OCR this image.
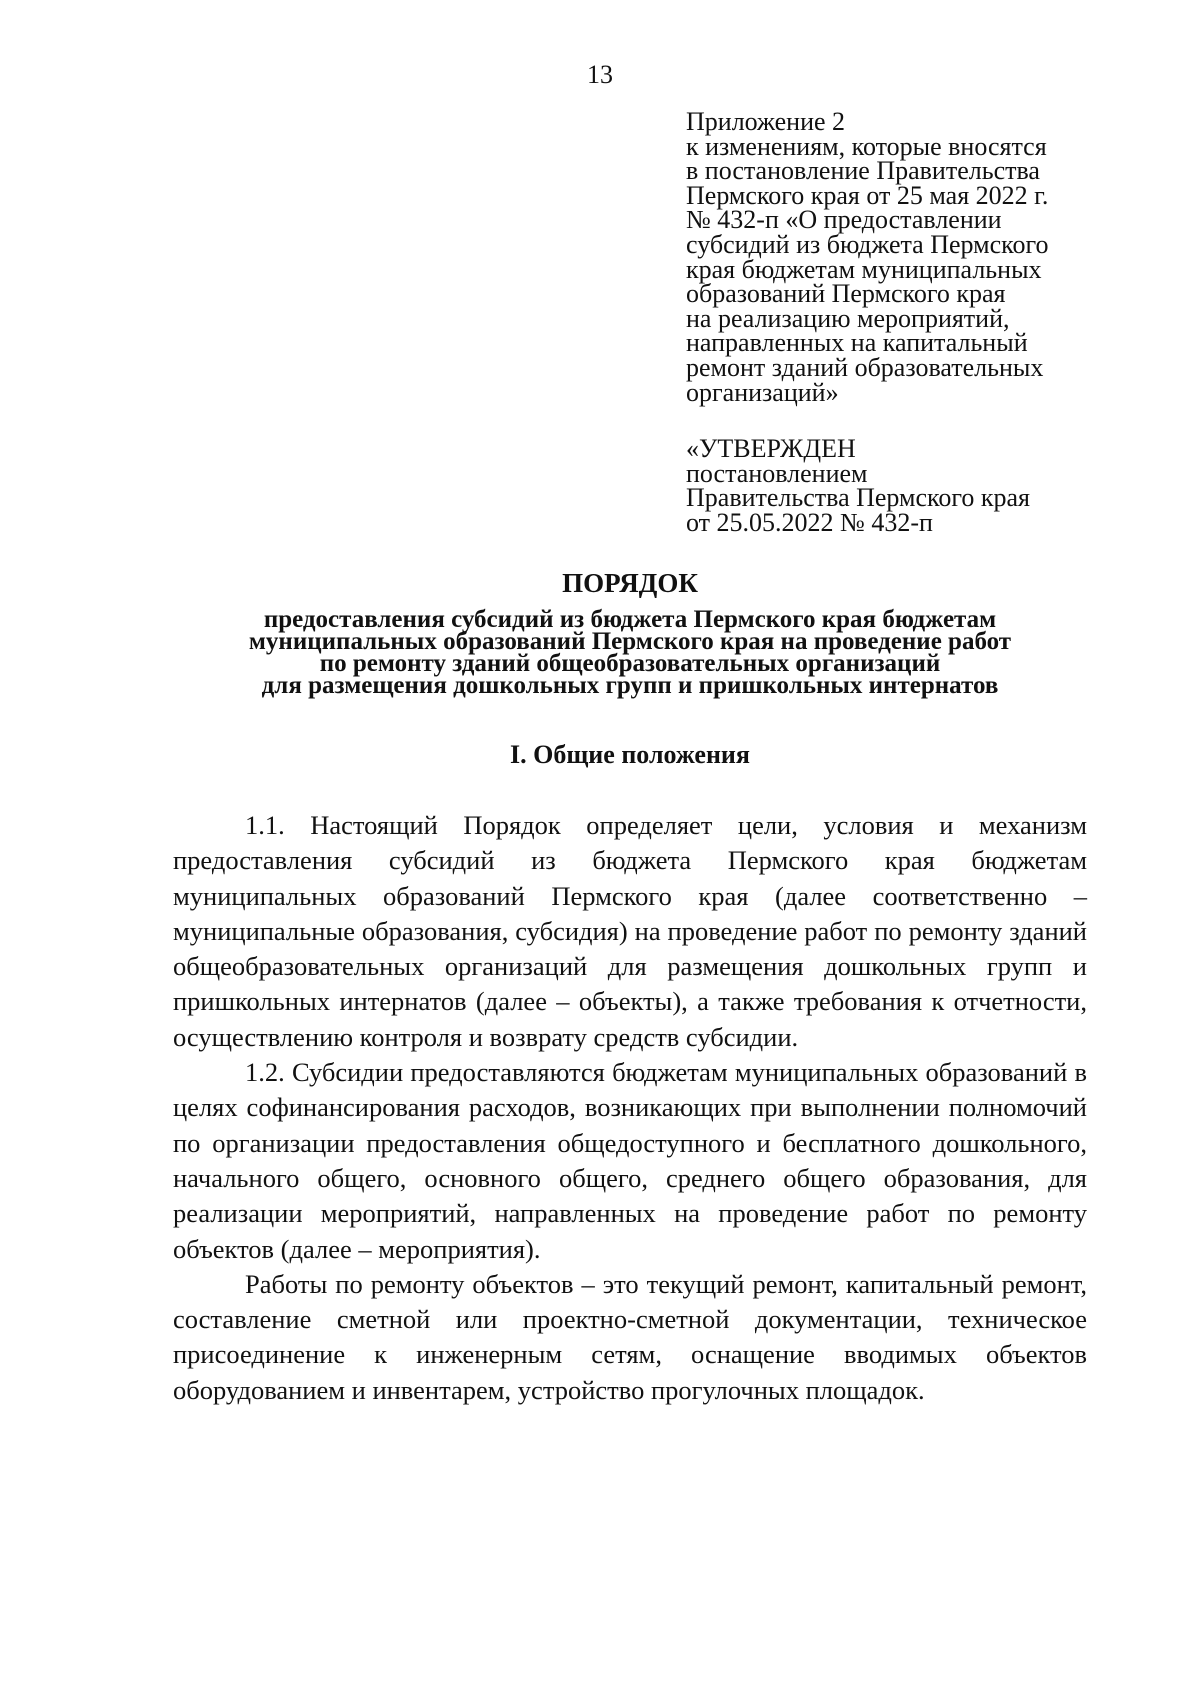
13
Приложение 2
к изменениям, которые вносятся
в постановление Правительства
Пермского края от 25 мая 2022 г.
№ 432-п «О предоставлении
субсидий из бюджета Пермского
края бюджетам муниципальных
образований Пермского края
на реализацию мероприятий,
направленных на капитальный
ремонт зданий образовательных
организаций»
«УТВЕРЖДЕН
постановлением
Правительства Пермского края
от 25.05.2022 № 432-п
ПОРЯДОК
предоставления субсидий из бюджета Пермского края бюджетам
муниципальных образований Пермского края на проведение работ
по ремонту зданий общеобразовательных организаций
для размещения дошкольных групп и пришкольных интернатов
I. Общие положения

1.1. Настоящий Порядок определяет цели, условия и механизм предоставления субсидий из бюджета Пермского края бюджетам муниципальных образований Пермского края (далее соответственно – муниципальные образования, субсидия) на проведение работ по ремонту зданий общеобразовательных организаций для размещения дошкольных групп и пришкольных интернатов (далее – объекты), а также требования к отчетности, осуществлению контроля и возврату средств субсидии.

1.2. Субсидии предоставляются бюджетам муниципальных образований в целях софинансирования расходов, возникающих при выполнении полномочий по организации предоставления общедоступного и бесплатного дошкольного, начального общего, основного общего, среднего общего образования, для реализации мероприятий, направленных на проведение работ по ремонту объектов (далее – мероприятия).

Работы по ремонту объектов – это текущий ремонт, капитальный ремонт, составление сметной или проектно-сметной документации, техническое присоединение к инженерным сетям, оснащение вводимых объектов оборудованием и инвентарем, устройство прогулочных площадок.
